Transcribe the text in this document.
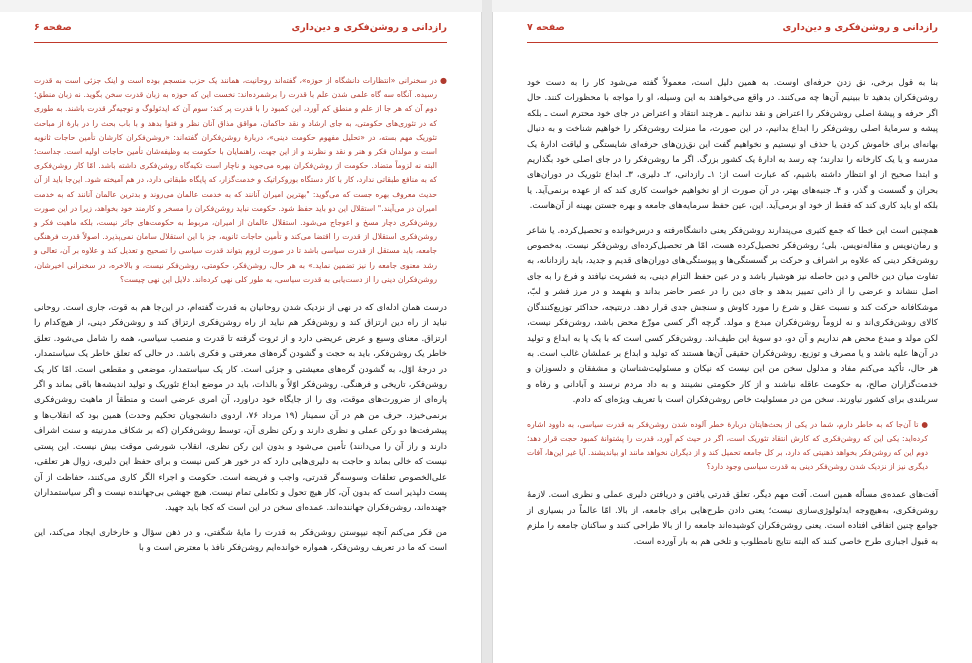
رازدانی و روشن‌فکری و دین‌داری
صفحه ۶
●
در سخنرانی «انتظارات دانشگاه از حوزه»، گفته‌اند روحانیت، همانند یک حزب منسجم بوده است و اینک جزئی است به قدرت رسیده. آنگاه سه گاه علمی شدن علم با قدرت را برشمرده‌اند: نخست این که حوزه به زبان قدرت سخن بگوید. نه زبان منطق؛ دوم آن که هر جا از علم و منطق کم آورد، این کمبود را با قدرت پر کند؛ سوم آن که ایدئولوگ و توجیه‌گر قدرت باشند. به طوری که در تئوری‌های حکومتی، به جای ارشاد و نقد حاکمان، مواقق مذاق آنان نظر و فتوا بدهد و با باب بحث را در بارهٔ از مباحث تئوریک مهم بسته، در «تحلیل مفهوم حکومت دینی»، دربارهٔ روشن‌فکران گفته‌اند: «روشن‌فکران کارشان تأمین حاجات ثانویه است و مولدان فکر و هنر و نقد و نظرند و از این جهت، راهنمایان با حکومت به وظیفه‌شان تأمین حاجات اولیه است. جداست؛ البته نه لزوماً متضاد. حکومت از روشن‌فکران بهره می‌جوید و ناچار است تکیه‌گاه روشن‌فکری داشته باشد. امّا کار روشن‌فکری که به منافع طبقاتی ندارد، کار با کار دستگاه بوروکراتیک و خدمت‌گزار، که پایگاه طبقاتی دارد، در هم آمیخته شود. این‌جا باید از آن حدیث معروف بهره جست که می‌گوید: "بهترین امیران آنانند که به خدمت عالمان می‌روند و بدترین عالمان آنانند که به خدمت امیران در می‌آیند." استقلال این دو باید حفظ شود. حکومت نباید روشن‌فکران را مسخر و کارمند خود بخواهد، زیرا در این صورت روشن‌فکری دچار مسخ و اعوجاج می‌شود. استقلال عالمان از امیران، مربوط به حکومت‌های جائر نیست، بلکه ماهیت فکر و روشن‌فکری استقلال از قدرت را اقتضا می‌کند و تأمین حاجات ثانویه، جز با این استقلال سامان نمی‌پذیرد. اصولاً قدرت فرهنگی جامعه، باید مستقل از قدرت سیاسی باشد تا در صورت لزوم بتواند قدرت سیاسی را تصحیح و تعدیل کند و علاوه بر آن، تعالی و رشد معنوی جامعه را نیز تضمین نماید.» به هر حال، روشن‌فکر، حکومتی، روشن‌فکر نیست، و بالاخره، در سخنرانی اخیرشان، روشن‌فکران دینی را از دست‌یابی به قدرت سیاسی، به طور کلی نهی کرده‌اند. دلایل این نهی چیست؟

درست همان ادله‌ای که در نهی از نزدیک شدن روحانیان به قدرت گفته‌ام، در این‌جا هم به قوت، جاری است. روحانی نباید از راه دین ارتزاق کند و روشن‌فکر هم نباید از راه روشن‌فکری ارتزاق کند و روشن‌فکر دینی، از هیچ‌کدام را ارتزاق. معنای وسیع و عرض عریضی دارد و از ثروت گرفته تا قدرت و منصب سیاسی، همه را شامل می‌شود. تعلق خاطر یک روشن‌فکر، باید به حجت و گشودن گره‌های معرفتی و فکری باشد. در حالی که تعلق خاطر یک سیاستمدار، در درجهٔ اوّل، به گشودن گره‌های معیشتی و جزئی است. کار یک سیاستمدار، موضعی و مقطعی است. امّا کار یک روشن‌فکر، تاریخی و فرهنگی. روشن‌فکر اوّلاً و بالذات، باید در موضع ابداع تئوریک و تولید اندیشه‌ها باقی بماند و اگر پاره‌ای از ضرورت‌های موقت، وی را از جایگاه خود دراورد، آن امری عرضی است و منطقاً از ماهیت روشن‌فکری برنمی‌خیزد. حرف من هم در آن سمینار (۱۹ مرداد ۷۶، اردوی دانشجویان تحکیم وحدت) همین بود که انقلاب‌ها و پیشرفت‌ها دو رکن عملی و نظری دارند و رکن نظری آن، توسط روشن‌فکران (که بر شکاف مدرنیته و سنت اشراف دارند و راز آن را می‌دانند) تأمین می‌شود و بدون این رکن نظری، انقلاب شورشی موقت بیش نیست. این پستی نیست که خالی بماند و حاجت به دلیری‌هایی دارد که در خور هر کس نیست و برای حفظ این دلیری، زوال هر تعلقی، علی‌الخصوص تعلقات وسوسه‌گر قدرتی، واجب و فریضه است. حکومت و اجراء الگر کاری می‌کنند، حفاظت از آن پست دلپذیر است که بدون آن، کار هیچ تحول و تکاملی تمام نیست. هیچ جهشی بی‌جهاننده نیست و اگر سیاستمداران جهنده‌اند، روشن‌فکران جهاننده‌اند. عمده‌ای سخن در این است که کجا باید جهید.

من فکر می‌کنم آنچه نیپوستن روشن‌فکر به قدرت را مایهٔ شگفتی، و در ذهن سؤال و خارخاری ایجاد می‌کند، این است که ما در تعریف روشن‌فکر، همواره خوانده‌ایم روشن‌فکر نافذ با معترض است و با

رازدانی و روشن‌فکری و دین‌داری
صفحه ۷

بنا به قول برخی، نق زدن حرفه‌ای اوست. به همین دلیل است، معمولاً گفته می‌شود کار را به دست خود روشن‌فکران بدهید تا ببینیم آن‌ها چه می‌کنند. در واقع می‌خواهند به این وسیله، او را مواجه با محظورات کنند. حال اگر حرفه و پیشهٔ اصلی روشن‌فکر را اعتراض و نقد ندانیم ـ هرچند انتقاد و اعتراض در جای خود محترم است ـ بلکه پیشه و سرمایهٔ اصلی روشن‌فکر را ابداع بدانیم، در این صورت، ما منزلت روشن‌فکر را خواهیم شناخت و به دنبال بهانه‌ای برای خاموش کردن یا حذف او نیستیم و نخواهیم گفت این نق‌زن‌های حرفه‌ای شایستگی و لیاقت ادارهٔ یک مدرسه و یا یک کارخانه را ندارند؛ چه رسد به ادارهٔ یک کشور بزرگ. اگر ما روشن‌فکر را در جای اصلی خود بگذاریم و ابتدا صحیح از او انتظار داشته باشیم، که عبارت است از: ۱ـ رازدانی، ۲ـ دلیری، ۳ـ ابداع تئوریک در دوران‌های بحران و گسست و گذر، و ۴ـ جنبه‌های بهتر، در آن صورت از او نخواهیم خواست کاری کند که از عهده برنمی‌آید. یا بلکه او باید کاری کند که فقط از خود او برمی‌آید. این، عین حفظ سرمایه‌های جامعه و بهره جستن بهینه از آن‌هاست.

همچنین است این خطا که جمع کثیری می‌پندارند روشن‌فکر یعنی دانشگاه‌رفته و درس‌خوانده و تحصیل‌کرده. یا شاعر و رمان‌نویس و مقاله‌نویس. بلی؛ روشن‌فکر تحصیل‌کرده هست، امّا هر تحصیل‌کرده‌ای روشن‌فکر نیست. به‌خصوص روشن‌فکر دینی که علاوه بر اشراف و حرکت بر گسستگی‌ها و پیوستگی‌های دوران‌های قدیم و جدید، باید رازدانانه، به تفاوت میان دین خالص و دین حاصله نیز هوشیار باشد و در عین حفظ التزام دینی، به فشریت نیافتد و فرع را به جای اصل ننشاند و عرضی را از ذاتی تمییز بدهد و جای دین را در عصر حاضر بداند و بفهمد و در مرز فشر و لبّ، موشکافانه حرکت کند و نسبت عقل و شرع را مورد کاوش و سنجش جدی قرار دهد. درنتیجه، حداکثر توزیع‌کنندگان کالای روشن‌فکری‌اند و نه لزوماً روشن‌فکران مبدع و مولد. گرچه اگر کسی موزّع محض باشد، روشن‌فکر نیست، لکن مولد و مبدع محض هم نداریم و آن دو، دو سویهٔ این طیف‌اند. روشن‌فکر کسی است که با یک پا به ابداع و تولید در آن‌ها علیه باشد و یا مصرف و توزیع. روشن‌فکران حقیقی آن‌ها هستند که تولید و ابداع بر عملشان غالب است. به هر حال، تأکید می‌کنم مفاد و مدلول سخن من این نیست که نیکان و مسئولیت‌شناسان و مشفقان و دلسوزان و خدمت‌گزاران صالح، به حکومت عاقله نباشند و از کار حکومتی نشینند و به داد مردم نرسند و آبادانی و رفاه و سربلندی برای کشور نیاورند. سخن من در مسئولیت خاص روشن‌فکران است با تعریف ویژه‌ای که دادم.

● تا آن‌جا که به خاطر دارم، شما در یکی از بحث‌هایتان دربارهٔ خطر آلوده شدن روشن‌فکر به قدرت سیاسی، به داوود اشاره کرده‌اید: یکی این که روشن‌فکری که کارش انتقاد تئوریک است، اگر در حیث کم آورد، قدرت را پشتوانهٔ کمبود حجت قرار دهد؛ دوم این که روشن‌فکر بخواهد ذهنیتی که دارد، بر کل جامعه تحمیل کند و از دیگران نخواهد مانند او بیاندیشند. آیا غیر این‌ها، آفات دیگری نیز از نزدیک شدن روشن‌فکر دینی به قدرت سیاسی وجود دارد؟

آفت‌های عمده‌ی مسأله همین است. آفت مهم دیگر، تعلق قدرتی یافتن و دریافتن دلیری عملی و نظری است. لازمهٔ روشن‌فکری، به‌هیچ‌وجه ایدئولوژی‌سازی نیست؛ یعنی دادن طرح‌هایی برای جامعه، از بالا. امّا عالماً در بسیاری از جوامع چنین اتفاقی افتاده است. یعنی روشن‌فکران کوشیده‌اند جامعه را از بالا طراحی کنند و ساکنان جامعه را ملزم به قبول اجباری طرح خاصی کنند که البته نتایج نامطلوب و تلخی هم به بار آورده است.
